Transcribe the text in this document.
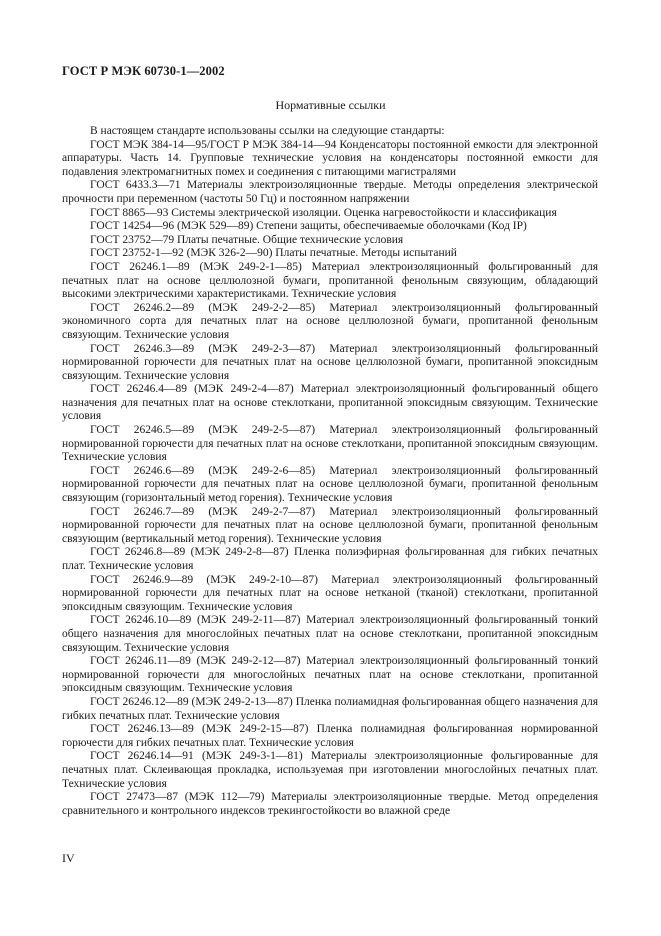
ГОСТ Р МЭК 60730-1—2002
Нормативные ссылки

В настоящем стандарте использованы ссылки на следующие стандарты:

ГОСТ МЭК 384-14—95/ГОСТ Р МЭК 384-14—94 Конденсаторы постоянной емкости для электронной аппаратуры. Часть 14. Групповые технические условия на конденсаторы постоянной емкости для подавления электромагнитных помех и соединения с питающими магистралями

ГОСТ 6433.3—71 Материалы электроизоляционные твердые. Методы определения электрической прочности при переменном (частоты 50 Гц) и постоянном напряжении

ГОСТ 8865—93 Системы электрической изоляции. Оценка нагревостойкости и классификация

ГОСТ 14254—96 (МЭК 529—89) Степени защиты, обеспечиваемые оболочками (Код IP)

ГОСТ 23752—79 Платы печатные. Общие технические условия

ГОСТ 23752-1—92 (МЭК 326-2—90) Платы печатные. Методы испытаний

ГОСТ 26246.1—89 (МЭК 249-2-1—85) Материал электроизоляционный фольгированный для печатных плат на основе целлюлозной бумаги, пропитанной фенольным связующим, обладающий высокими электрическими характеристиками. Технические условия

ГОСТ 26246.2—89 (МЭК 249-2-2—85) Материал электроизоляционный фольгированный экономичного сорта для печатных плат на основе целлюлозной бумаги, пропитанной фенольным связующим. Технические условия

ГОСТ 26246.3—89 (МЭК 249-2-3—87) Материал электроизоляционный фольгированный нормированной горючести для печатных плат на основе целлюлозной бумаги, пропитанной эпоксидным связующим. Технические условия

ГОСТ 26246.4—89 (МЭК 249-2-4—87) Материал электроизоляционный фольгированный общего назначения для печатных плат на основе стеклоткани, пропитанной эпоксидным связующим. Технические условия

ГОСТ 26246.5—89 (МЭК 249-2-5—87) Материал электроизоляционный фольгированный нормированной горючести для печатных плат на основе стеклоткани, пропитанной эпоксидным связующим. Технические условия

ГОСТ 26246.6—89 (МЭК 249-2-6—85) Материал электроизоляционный фольгированный нормированной горючести для печатных плат на основе целлюлозной бумаги, пропитанной фенольным связующим (горизонтальный метод горения). Технические условия

ГОСТ 26246.7—89 (МЭК 249-2-7—87) Материал электроизоляционный фольгированный нормированной горючести для печатных плат на основе целлюлозной бумаги, пропитанной фенольным связующим (вертикальный метод горения). Технические условия

ГОСТ 26246.8—89 (МЭК 249-2-8—87) Пленка полиэфирная фольгированная для гибких печатных плат. Технические условия

ГОСТ 26246.9—89 (МЭК 249-2-10—87) Материал электроизоляционный фольгированный нормированной горючести для печатных плат на основе нетканой (тканой) стеклоткани, пропитанной эпоксидным связующим. Технические условия

ГОСТ 26246.10—89 (МЭК 249-2-11—87) Материал электроизоляционный фольгированный тонкий общего назначения для многослойных печатных плат на основе стеклоткани, пропитанной эпоксидным связующим. Технические условия

ГОСТ 26246.11—89 (МЭК 249-2-12—87) Материал электроизоляционный фольгированный тонкий нормированной горючести для многослойных печатных плат на основе стеклоткани, пропитанной эпоксидным связующим. Технические условия

ГОСТ 26246.12—89 (МЭК 249-2-13—87) Пленка полиамидная фольгированная общего назначения для гибких печатных плат. Технические условия

ГОСТ 26246.13—89 (МЭК 249-2-15—87) Пленка полиамидная фольгированная нормированной горючести для гибких печатных плат. Технические условия

ГОСТ 26246.14—91 (МЭК 249-3-1—81) Материалы электроизоляционные фольгированные для печатных плат. Склеивающая прокладка, используемая при изготовлении многослойных печатных плат. Технические условия

ГОСТ 27473—87 (МЭК 112—79) Материалы электроизоляционные твердые. Метод определения сравнительного и контрольного индексов трекингостойкости во влажной среде

IV
